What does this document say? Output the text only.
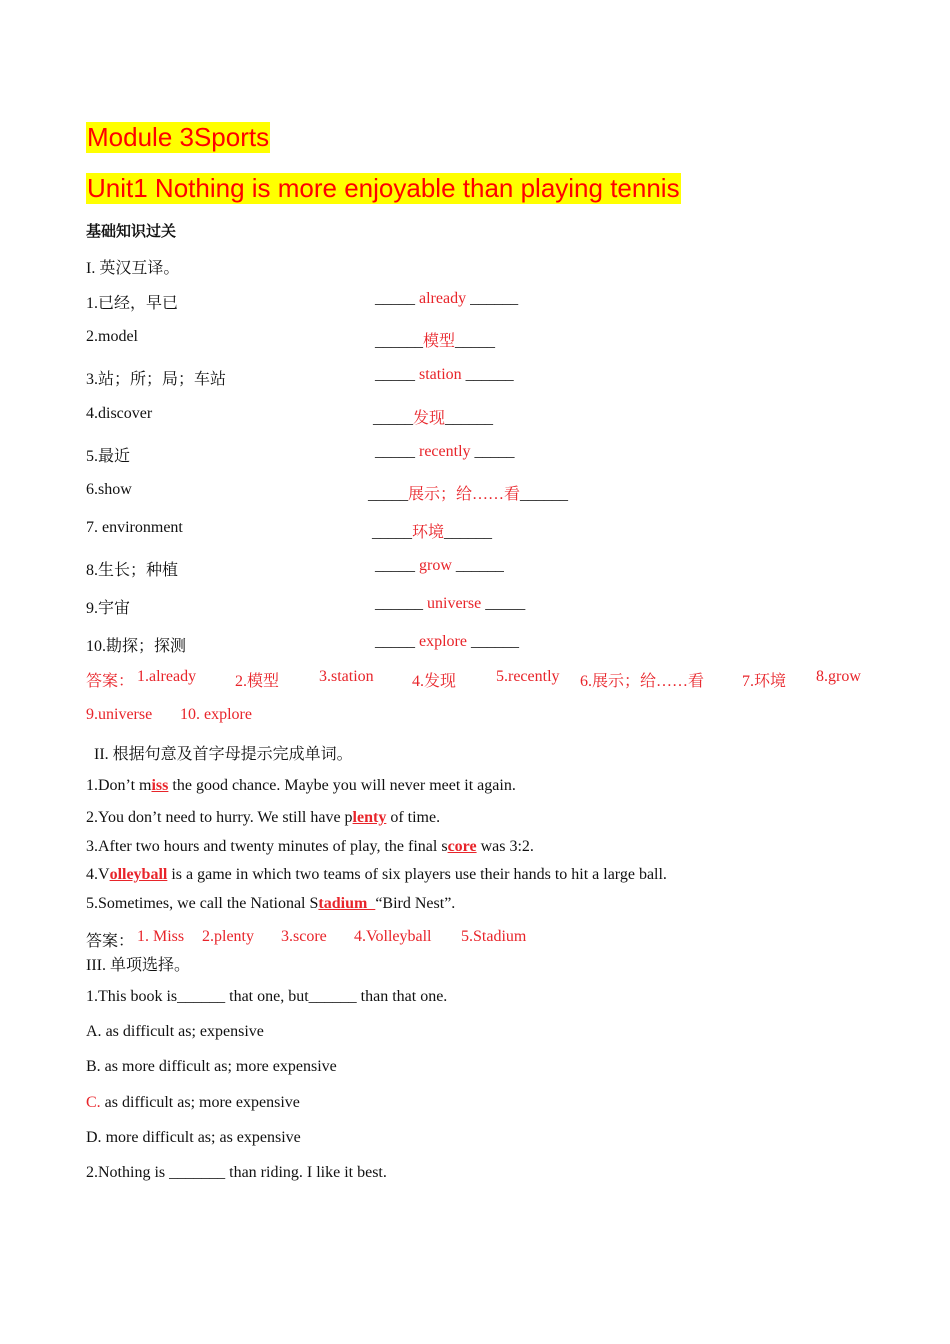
Module 3Sports
Unit1 Nothing is more enjoyable than playing tennis
基础知识过关
I. 英汉互译。
1.已经，早已	_____ already ______
2.model	______模型_____
3.站；所；局；车站	_____ station ______
4.discover	_____发现______
5.最近	_____ recently _____
6.show	_____展示；给……看______
7. environment	_____环境______
8.生长；种植	_____ grow ______
9.宇宙	______ universe _____
10.勘探；探测	_____ explore ______
答案： 1.already 2.模型 3.station 4.发现 5.recently 6.展示；给……看 7.环境 8.grow
9.universe 10. explore
II. 根据句意及首字母提示完成单词。
1.Don’t miss the good chance. Maybe you will never meet it again.
2.You don’t need to hurry. We still have plenty of time.
3.After two hours and twenty minutes of play, the final score was 3:2.
4.Volleyball is a game in which two teams of six players use their hands to hit a large ball.
5.Sometimes, we call the National Stadium  “Bird Nest”.
答案： 1. Miss 2.plenty 3.score 4.Volleyball 5.Stadium
III. 单项选择。
1.This book is______ that one, but______ than that one.
A. as difficult as; expensive
B. as more difficult as; more expensive
C. as difficult as; more expensive
D. more difficult as; as expensive
2.Nothing is _______ than riding. I like it best.
